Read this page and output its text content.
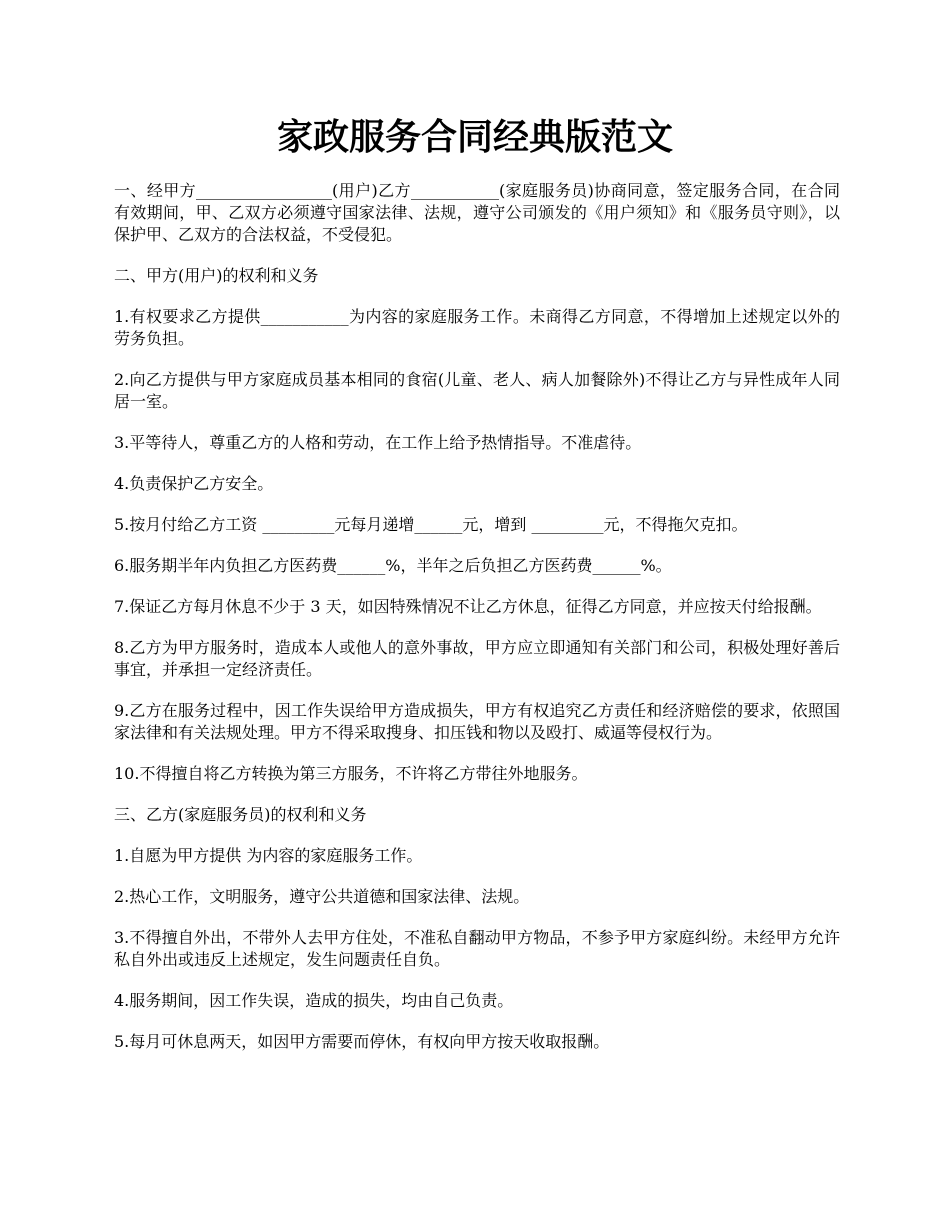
家政服务合同经典版范文

一、经甲方_________________(用户)乙方___________(家庭服务员)协商同意，签定服务合同，在合同有效期间，甲、乙双方必须遵守国家法律、法规，遵守公司颁发的《用户须知》和《服务员守则》，以保护甲、乙双方的合法权益，不受侵犯。

二、甲方(用户)的权利和义务

1.有权要求乙方提供___________为内容的家庭服务工作。未商得乙方同意，不得增加上述规定以外的劳务负担。

2.向乙方提供与甲方家庭成员基本相同的食宿(儿童、老人、病人加餐除外)不得让乙方与异性成年人同居一室。

3.平等待人，尊重乙方的人格和劳动，在工作上给予热情指导。不准虐待。

4.负责保护乙方安全。

5.按月付给乙方工资 _________元每月递增______元，增到 _________元，不得拖欠克扣。

6.服务期半年内负担乙方医药费______%，半年之后负担乙方医药费______%。

7.保证乙方每月休息不少于 3 天，如因特殊情况不让乙方休息，征得乙方同意，并应按天付给报酬。

8.乙方为甲方服务时，造成本人或他人的意外事故，甲方应立即通知有关部门和公司，积极处理好善后事宜，并承担一定经济责任。

9.乙方在服务过程中，因工作失误给甲方造成损失，甲方有权追究乙方责任和经济赔偿的要求，依照国家法律和有关法规处理。甲方不得采取搜身、扣压钱和物以及殴打、威逼等侵权行为。

10.不得擅自将乙方转换为第三方服务，不许将乙方带往外地服务。

三、乙方(家庭服务员)的权利和义务

1.自愿为甲方提供 为内容的家庭服务工作。

2.热心工作，文明服务，遵守公共道德和国家法律、法规。

3.不得擅自外出，不带外人去甲方住处，不准私自翻动甲方物品，不参予甲方家庭纠纷。未经甲方允许私自外出或违反上述规定，发生问题责任自负。

4.服务期间，因工作失误，造成的损失，均由自己负责。

5.每月可休息两天，如因甲方需要而停休，有权向甲方按天收取报酬。
